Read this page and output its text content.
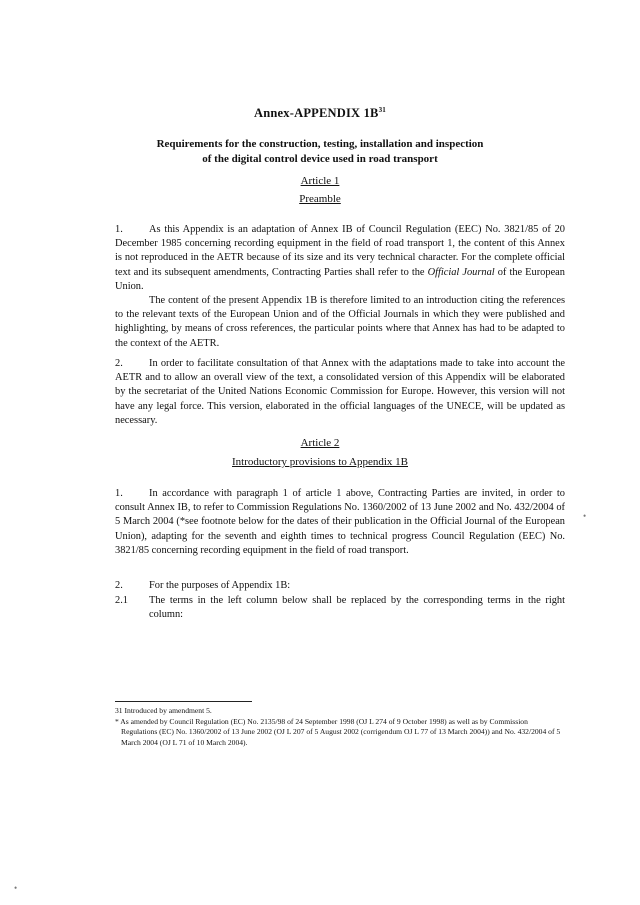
Annex-APPENDIX $1B^{31}$
Requirements for the construction, testing, installation and inspection
of the digital control device used in road transport
Article 1
Preamble

1.	As this Appendix is an adaptation of Annex IB of Council Regulation (EEC) No. 3821/85 of 20 December 1985 concerning recording equipment in the field of road transport 1, the content of this Annex is not reproduced in the AETR because of its size and its very technical character. For the complete official text and its subsequent amendments, Contracting Parties shall refer to the Official Journal of the European Union.

The content of the present Appendix 1B is therefore limited to an introduction citing the references to the relevant texts of the European Union and of the Official Journals in which they were published and highlighting, by means of cross references, the particular points where that Annex has had to be adapted to the context of the AETR.

2.	In order to facilitate consultation of that Annex with the adaptations made to take into account the AETR and to allow an overall view of the text, a consolidated version of this Appendix will be elaborated by the secretariat of the United Nations Economic Commission for Europe. However, this version will not have any legal force. This version, elaborated in the official languages of the UNECE, will be updated as necessary.

Article 2
Introductory provisions to Appendix 1B

1.	In accordance with paragraph 1 of article 1 above, Contracting Parties are invited, in order to consult Annex IB, to refer to Commission Regulations No. 1360/2002 of 13 June 2002 and No. 432/2004 of 5 March 2004 (*see footnote below for the dates of their publication in the Official Journal of the European Union), adapting for the seventh and eighth times to technical progress Council Regulation (EEC) No. 3821/85 concerning recording equipment in the field of road transport.

2.	For the purposes of Appendix 1B:
2.1 The terms in the left column below shall be replaced by the corresponding terms in the right column:

31 Introduced by amendment 5.

* As amended by Council Regulation (EC) No. 2135/98 of 24 September 1998 (OJ L 274 of 9 October 1998) as well as by Commission Regulations (EC) No. 1360/2002 of 13 June 2002 (OJ L 207 of 5 August 2002 (corrigendum OJ L 77 of 13 March 2004)) and No. 432/2004 of 5 March 2004 (OJ L 71 of 10 March 2004).

•
•
